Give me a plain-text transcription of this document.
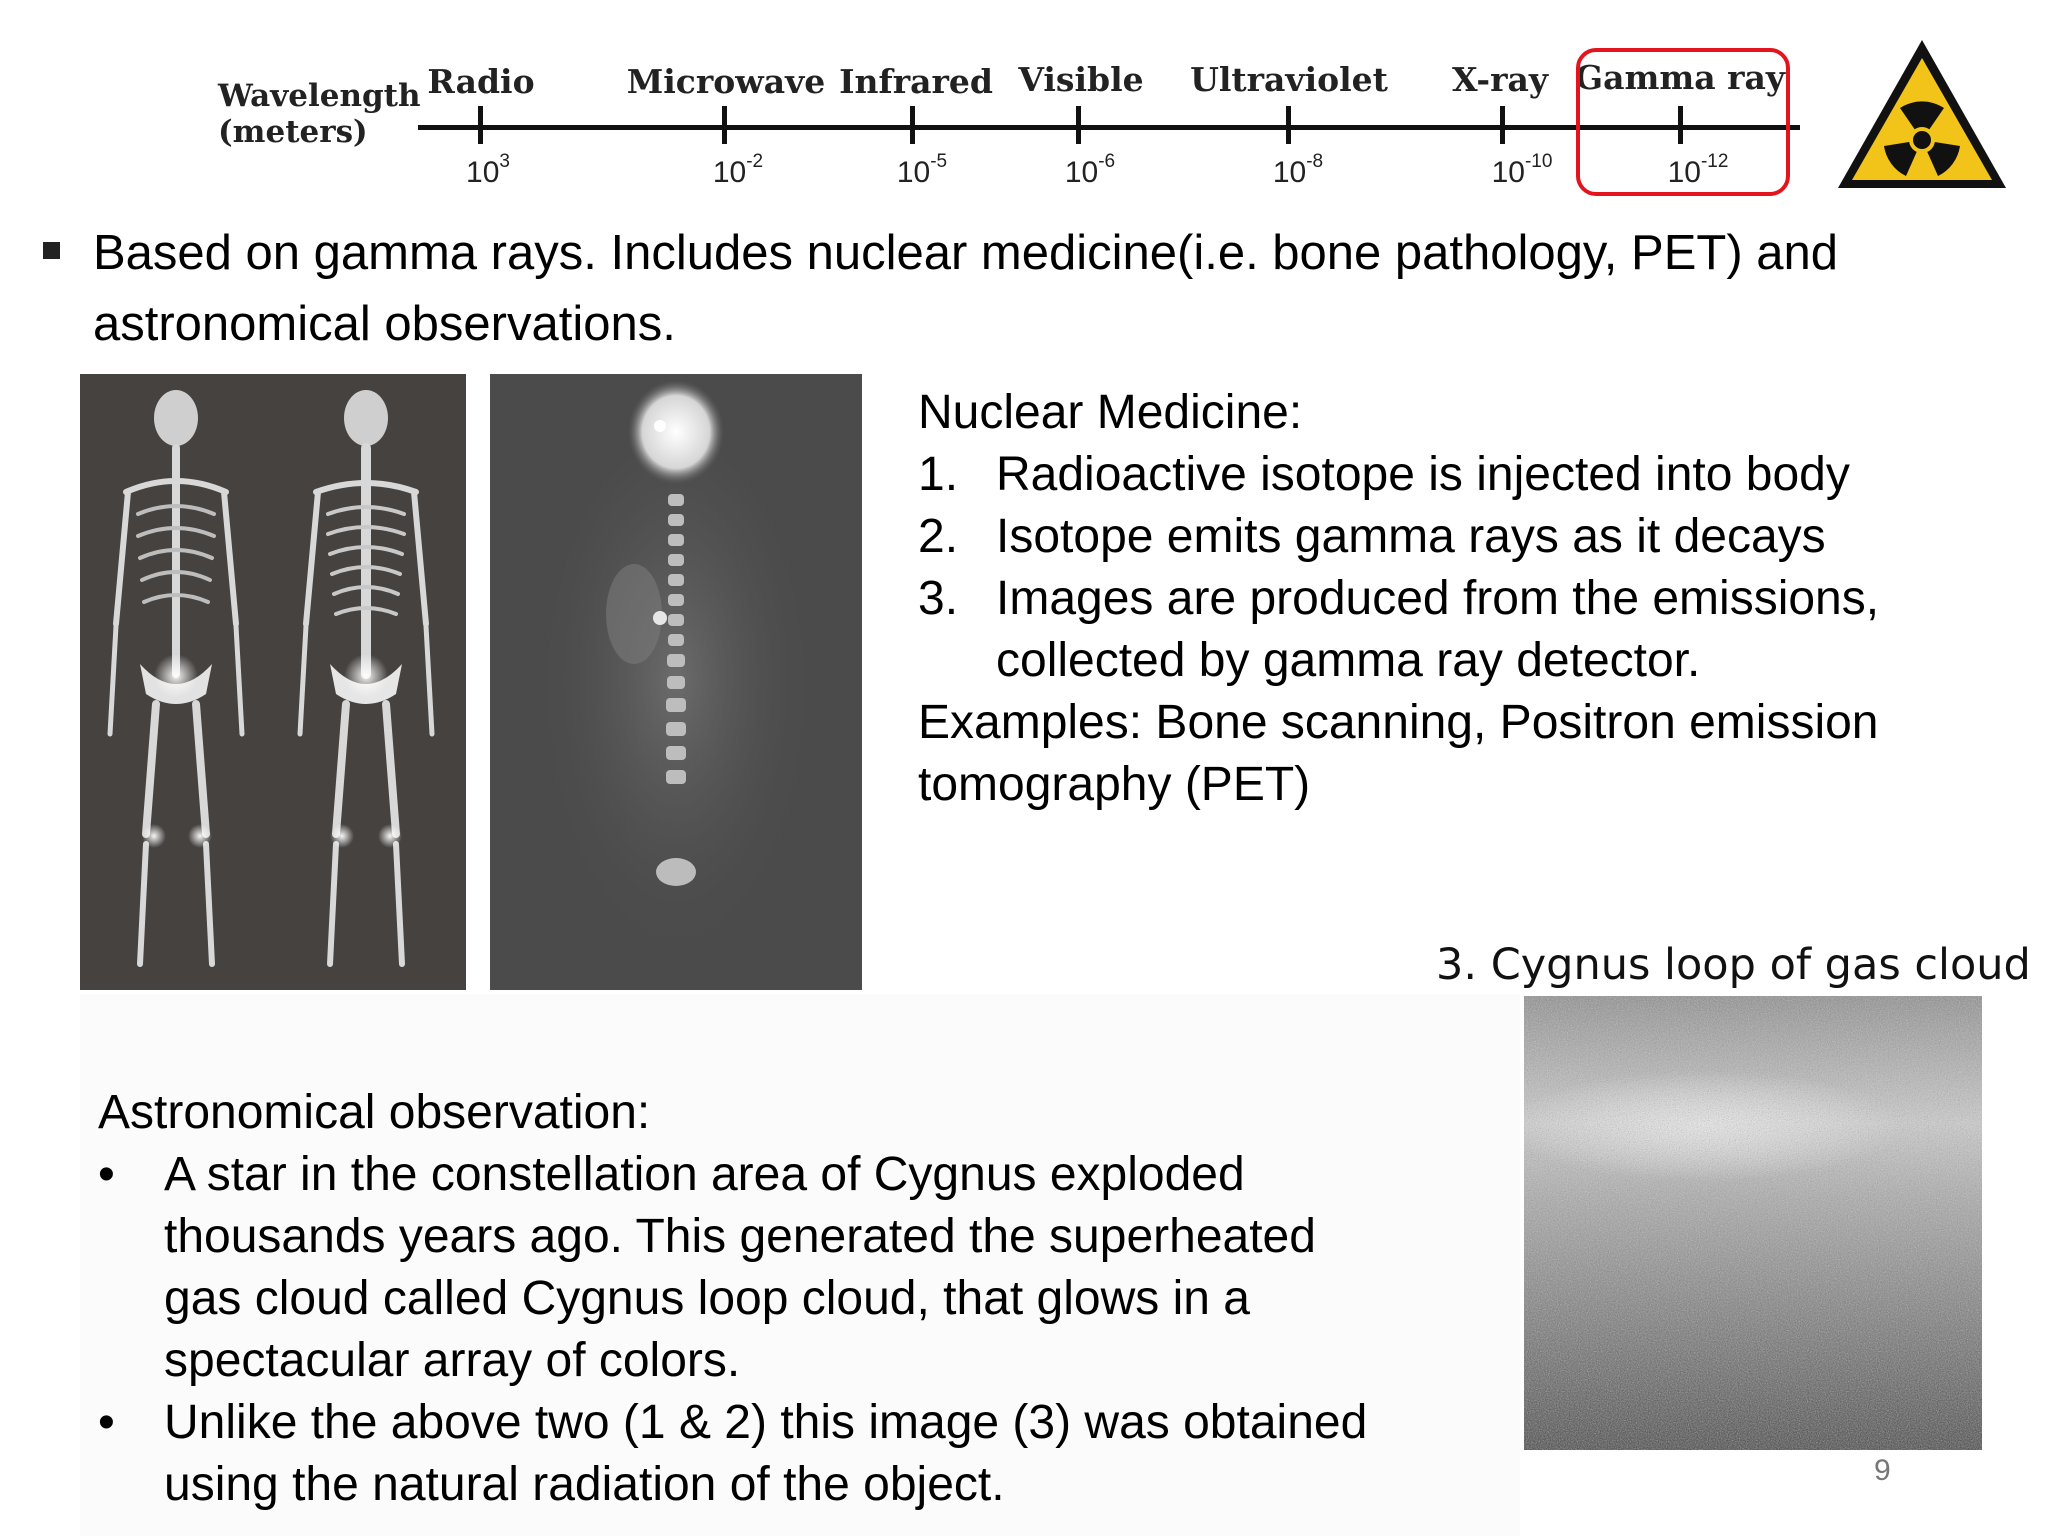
Wavelength
(meters)
Radio	Microwave Infrared Visible Ultraviolet X-ray Gamma ray
$10^3$	$10^{-2}$	$10^{-5}$	$10^{-6}$	$10^{-8}$	$10^{-10}$	$10^{-12}$
Based on gamma rays. Includes nuclear medicine(i.e. bone pathology, PET) and
astronomical observations.
Nuclear Medicine:
1. Radioactive isotope is injected into body
2. Isotope emits gamma rays as it decays
3. Images are produced from the emissions,
collected by gamma ray detector.
Examples: Bone scanning, Positron emission
tomography (PET)
3. Cygnus loop of gas cloud
Astronomical observation:
• A star in the constellation area of Cygnus exploded
thousands years ago. This generated the superheated
gas cloud called Cygnus loop cloud, that glows in a
spectacular array of colors.
• Unlike the above two (1 & 2) this image (3) was obtained
using the natural radiation of the object.	9
